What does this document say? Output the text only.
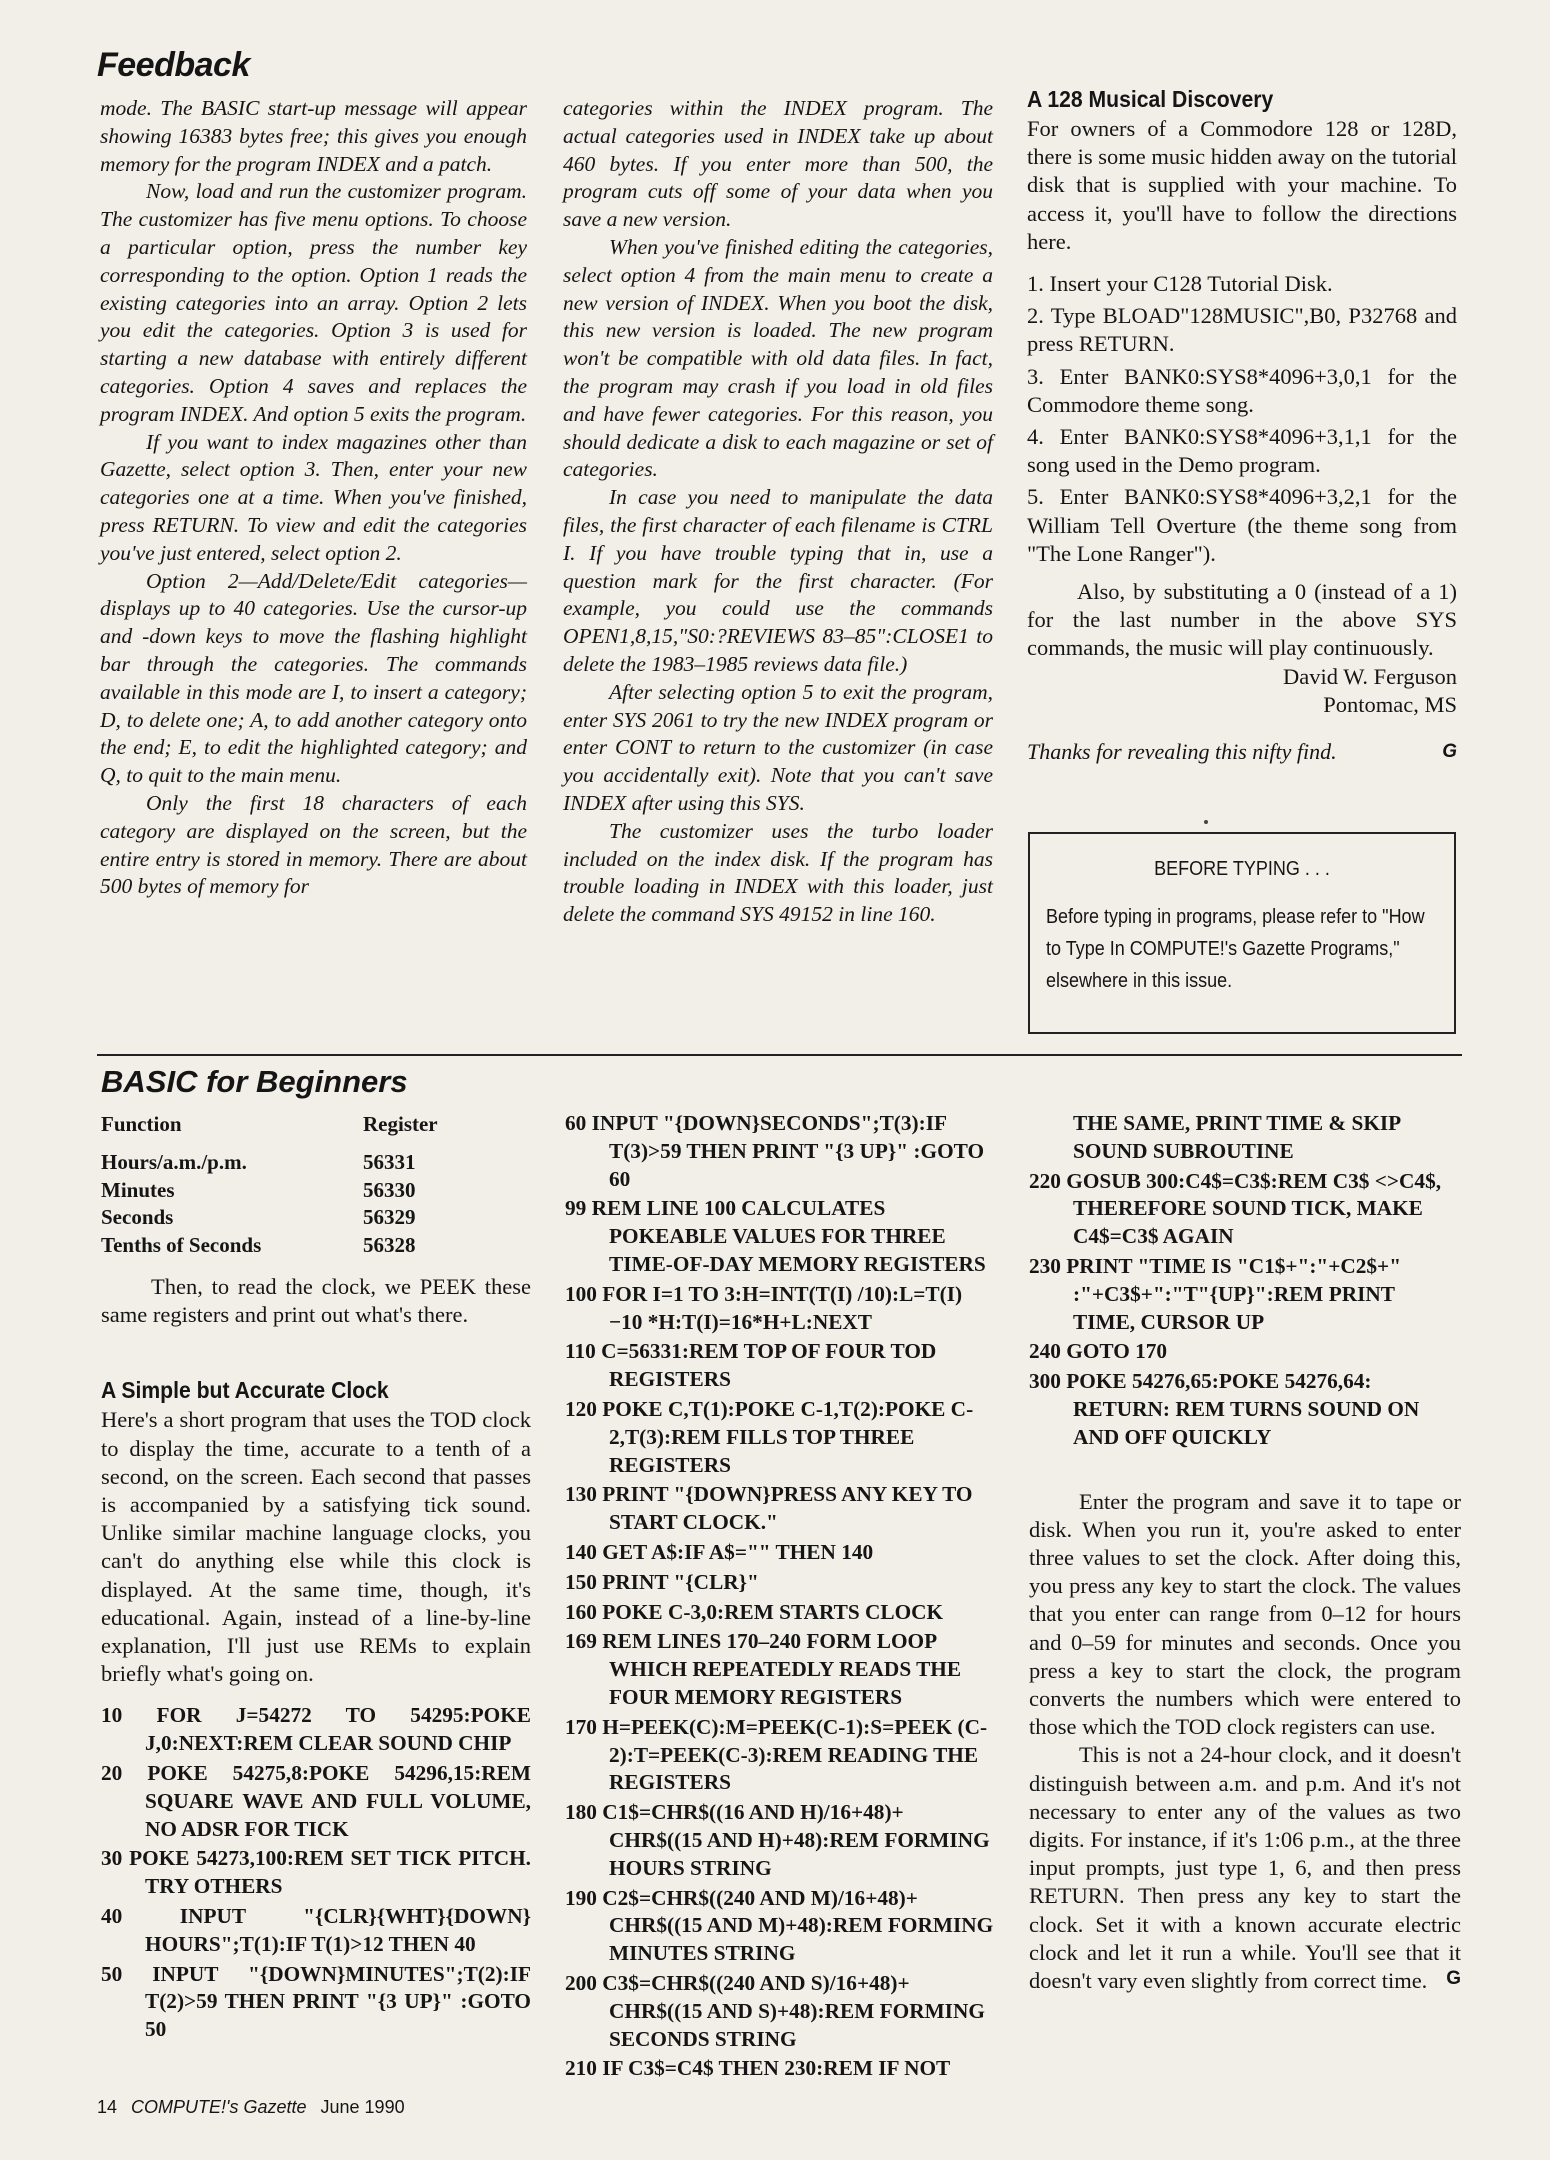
Feedback

mode. The BASIC start-up message will appear showing 16383 bytes free; this gives you enough memory for the program INDEX and a patch.

Now, load and run the customizer program. The customizer has five menu options. To choose a particular option, press the number key corresponding to the option. Option 1 reads the existing categories into an array. Option 2 lets you edit the categories. Option 3 is used for starting a new database with entirely different categories. Option 4 saves and replaces the program INDEX. And option 5 exits the program.

If you want to index magazines other than Gazette, select option 3. Then, enter your new categories one at a time. When you've finished, press RETURN. To view and edit the categories you've just entered, select option 2.

Option 2—Add/Delete/Edit categories—displays up to 40 categories. Use the cursor-up and -down keys to move the flashing highlight bar through the categories. The commands available in this mode are I, to insert a category; D, to delete one; A, to add another category onto the end; E, to edit the highlighted category; and Q, to quit to the main menu.

Only the first 18 characters of each category are displayed on the screen, but the entire entry is stored in memory. There are about 500 bytes of memory for

categories within the INDEX program. The actual categories used in INDEX take up about 460 bytes. If you enter more than 500, the program cuts off some of your data when you save a new version.

When you've finished editing the categories, select option 4 from the main menu to create a new version of INDEX. When you boot the disk, this new version is loaded. The new program won't be compatible with old data files. In fact, the program may crash if you load in old files and have fewer categories. For this reason, you should dedicate a disk to each magazine or set of categories.

In case you need to manipulate the data files, the first character of each filename is CTRL I. If you have trouble typing that in, use a question mark for the first character. (For example, you could use the commands OPEN1,8,15,"S0:?REVIEWS 83–85":CLOSE1 to delete the 1983–1985 reviews data file.)

After selecting option 5 to exit the program, enter SYS 2061 to try the new INDEX program or enter CONT to return to the customizer (in case you accidentally exit). Note that you can't save INDEX after using this SYS.

The customizer uses the turbo loader included on the index disk. If the program has trouble loading in INDEX with this loader, just delete the command SYS 49152 in line 160.

A 128 Musical Discovery

For owners of a Commodore 128 or 128D, there is some music hidden away on the tutorial disk that is supplied with your machine. To access it, you'll have to follow the directions here.

1. Insert your C128 Tutorial Disk.

2. Type BLOAD"128MUSIC",B0, P32768 and press RETURN.

3. Enter BANK0:SYS8*4096+3,0,1 for the Commodore theme song.

4. Enter BANK0:SYS8*4096+3,1,1 for the song used in the Demo program.

5. Enter BANK0:SYS8*4096+3,2,1 for the William Tell Overture (the theme song from "The Lone Ranger").

Also, by substituting a 0 (instead of a 1) for the last number in the above SYS commands, the music will play continuously.

David W. Ferguson
Pontomac, MS
Thanks for revealing this nifty find.	G
BEFORE TYPING . . .
Before typing in programs, please refer to "How to Type In COMPUTE!'s Gazette Programs," elsewhere in this issue.
BASIC for Beginners
Function	Register
Hours/a.m./p.m.	56331
Minutes	56330
Seconds	56329
Tenths of Seconds	56328

Then, to read the clock, we PEEK these same registers and print out what's there.

A Simple but Accurate Clock

Here's a short program that uses the TOD clock to display the time, accurate to a tenth of a second, on the screen. Each second that passes is accompanied by a satisfying tick sound. Unlike similar machine language clocks, you can't do anything else while this clock is displayed. At the same time, though, it's educational. Again, instead of a line-by-line explanation, I'll just use REMs to explain briefly what's going on.

10 FOR J=54272 TO 54295:POKE J,0:NEXT:REM CLEAR SOUND CHIP

20 POKE 54275,8:POKE 54296,15:REM SQUARE WAVE AND FULL VOLUME, NO ADSR FOR TICK

30 POKE 54273,100:REM SET TICK PITCH. TRY OTHERS

40 INPUT "{CLR}{WHT}{DOWN} HOURS";T(1):IF T(1)>12 THEN 40

50 INPUT "{DOWN}MINUTES";T(2):IF T(2)>59 THEN PRINT "{3 UP}" :GOTO 50

60 INPUT "{DOWN}SECONDS";T(3):IF T(3)>59 THEN PRINT "{3 UP}" :GOTO 60

99 REM LINE 100 CALCULATES POKEABLE VALUES FOR THREE TIME-OF-DAY MEMORY REGISTERS

100 FOR I=1 TO 3:H=INT(T(I) /10):L=T(I)−10 *H:T(I)=16*H+L:NEXT

110 C=56331:REM TOP OF FOUR TOD REGISTERS

120 POKE C,T(1):POKE C-1,T(2):POKE C-2,T(3):REM FILLS TOP THREE REGISTERS

130 PRINT "{DOWN}PRESS ANY KEY TO START CLOCK."

140 GET A$:IF A$="" THEN 140

150 PRINT "{CLR}"

160 POKE C-3,0:REM STARTS CLOCK

169 REM LINES 170–240 FORM LOOP WHICH REPEATEDLY READS THE FOUR MEMORY REGISTERS

170 H=PEEK(C):M=PEEK(C-1):S=PEEK (C-2):T=PEEK(C-3):REM READING THE REGISTERS

180 C1$=CHR$((16 AND H)/16+48)+ CHR$((15 AND H)+48):REM FORMING HOURS STRING

190 C2$=CHR$((240 AND M)/16+48)+ CHR$((15 AND M)+48):REM FORMING MINUTES STRING

200 C3$=CHR$((240 AND S)/16+48)+ CHR$((15 AND S)+48):REM FORMING SECONDS STRING

210 IF C3$=C4$ THEN 230:REM IF NOT

THE SAME, PRINT TIME & SKIP SOUND SUBROUTINE

220 GOSUB 300:C4$=C3$:REM C3$ <>C4$, THEREFORE SOUND TICK, MAKE C4$=C3$ AGAIN

230 PRINT "TIME IS "C1$+":"+C2$+" :"+C3$+":"T"{UP}":REM PRINT TIME, CURSOR UP

240 GOTO 170

300 POKE 54276,65:POKE 54276,64: RETURN: REM TURNS SOUND ON AND OFF QUICKLY

Enter the program and save it to tape or disk. When you run it, you're asked to enter three values to set the clock. After doing this, you press any key to start the clock. The values that you enter can range from 0–12 for hours and 0–59 for minutes and seconds. Once you press a key to start the clock, the program converts the numbers which were entered to those which the TOD clock registers can use.

This is not a 24-hour clock, and it doesn't distinguish between a.m. and p.m. And it's not necessary to enter any of the values as two digits. For instance, if it's 1:06 p.m., at the three input prompts, just type 1, 6, and then press RETURN. Then press any key to start the clock. Set it with a known accurate electric clock and let it run a while. You'll see that it doesn't vary even slightly from correct time. G

14 COMPUTE!'s Gazette June 1990
